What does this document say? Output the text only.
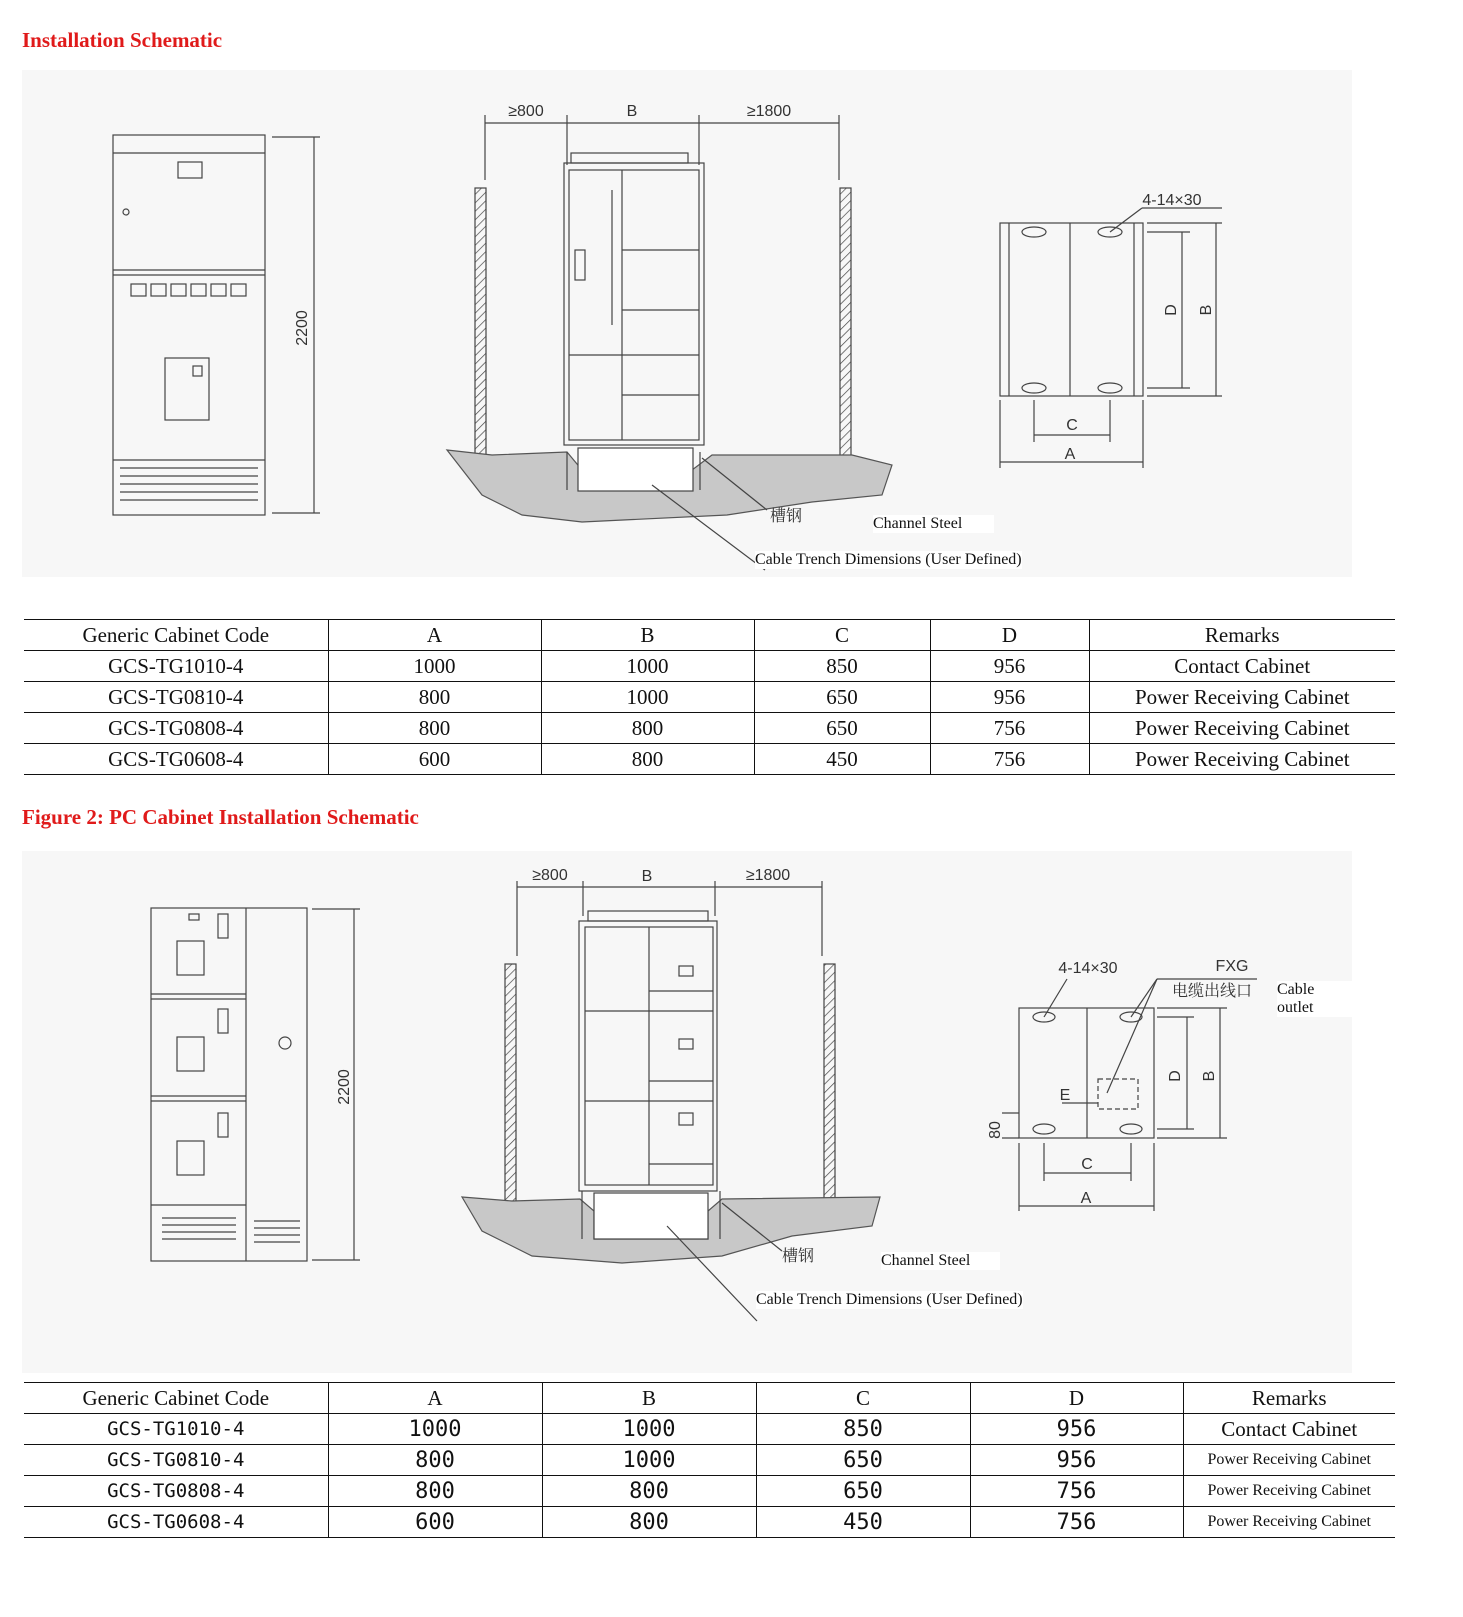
Installation Schematic
2200
≥800	B	≥1800
槽钢
4-14×30
D B
C
A
Channel Steel
Cable Trench Dimensions (User Defined)
Generic Cabinet Code	A	B	C	D	Remarks
GCS-TG1010-4	1000	1000	850	956	Contact Cabinet
GCS-TG0810-4	800	1000	650	956	Power Receiving Cabinet
GCS-TG0808-4	800	800	650	756	Power Receiving Cabinet
GCS-TG0608-4	600	800	450	756	Power Receiving Cabinet
Figure 2: PC Cabinet Installation Schematic
2200
≥800	B	≥1800
槽钢
4-14×30	FXG
电缆出线口
D B
E
80
C
A
Cable outlet
Channel Steel
Cable Trench Dimensions (User Defined)
Generic Cabinet Code	A	B	C	D	Remarks
GCS-TG1010-4	1000	1000	850	956	Contact Cabinet
GCS-TG0810-4	800	1000	650	956	Power Receiving Cabinet
GCS-TG0808-4	800	800	650	756	Power Receiving Cabinet
GCS-TG0608-4	600	800	450	756	Power Receiving Cabinet
